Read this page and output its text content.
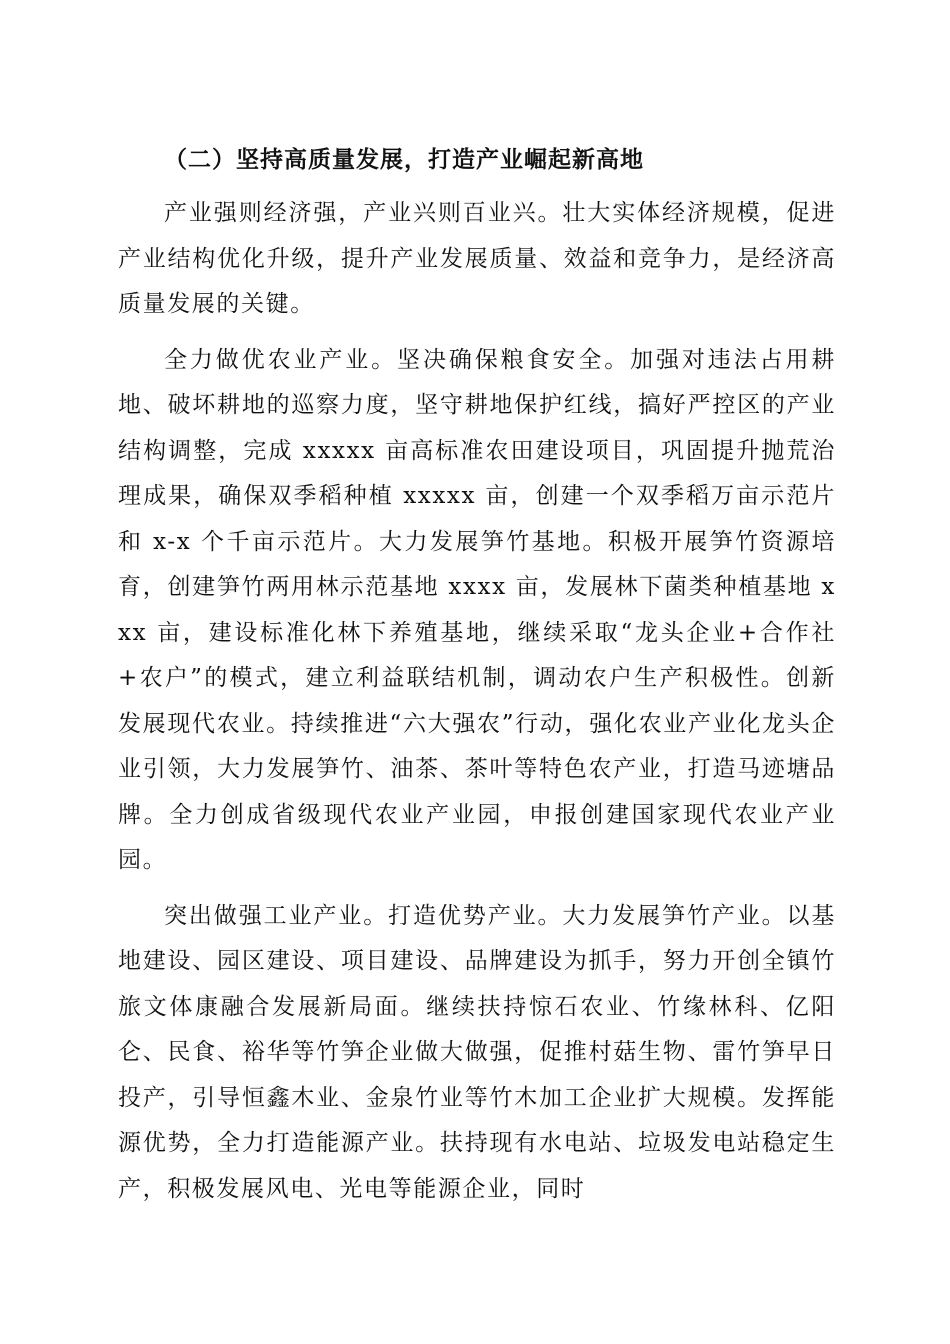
（二）坚持高质量发展，打造产业崛起新高地

产业强则经济强，产业兴则百业兴。壮大实体经济规模，促进产业结构优化升级，提升产业发展质量、效益和竞争力，是经济高质量发展的关键。

全力做优农业产业。坚决确保粮食安全。加强对违法占用耕地、破坏耕地的巡察力度，坚守耕地保护红线，搞好严控区的产业结构调整，完成 xxxxx 亩高标准农田建设项目，巩固提升抛荒治理成果，确保双季稻种植 xxxxx 亩，创建一个双季稻万亩示范片和 x-x 个千亩示范片。大力发展笋竹基地。积极开展笋竹资源培育，创建笋竹两用林示范基地 xxxx 亩，发展林下菌类种植基地 xxx 亩，建设标准化林下养殖基地，继续采取“龙头企业+合作社+农户”的模式，建立利益联结机制，调动农户生产积极性。创新发展现代农业。持续推进“六大强农”行动，强化农业产业化龙头企业引领，大力发展笋竹、油茶、茶叶等特色农产业，打造马迹塘品牌。全力创成省级现代农业产业园，申报创建国家现代农业产业园。

突出做强工业产业。打造优势产业。大力发展笋竹产业。以基地建设、园区建设、项目建设、品牌建设为抓手，努力开创全镇竹旅文体康融合发展新局面。继续扶持惊石农业、竹缘林科、亿阳仑、民食、裕华等竹笋企业做大做强，促推村菇生物、雷竹笋早日投产，引导恒鑫木业、金泉竹业等竹木加工企业扩大规模。发挥能源优势，全力打造能源产业。扶持现有水电站、垃圾发电站稳定生产，积极发展风电、光电等能源企业，同时
